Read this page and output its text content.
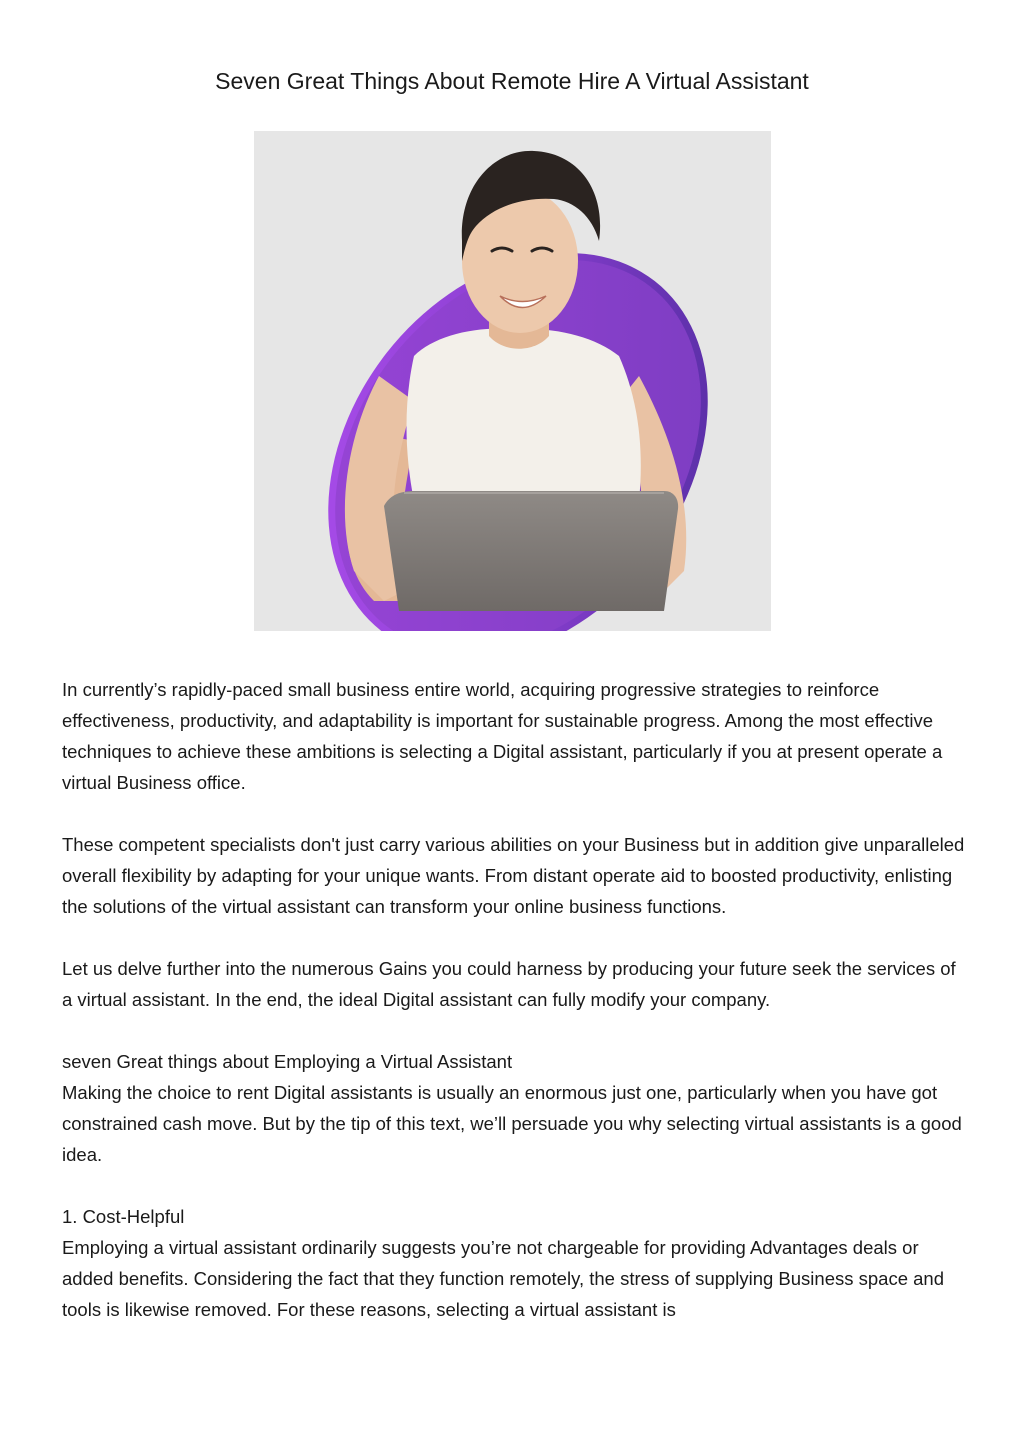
Seven Great Things About Remote Hire A Virtual Assistant

In currently’s rapidly-paced small business entire world, acquiring progressive strategies to reinforce effectiveness, productivity, and adaptability is important for sustainable progress. Among the most effective techniques to achieve these ambitions is selecting a Digital assistant, particularly if you at present operate a virtual Business office.

These competent specialists don't just carry various abilities on your Business but in addition give unparalleled overall flexibility by adapting for your unique wants. From distant operate aid to boosted productivity, enlisting the solutions of the virtual assistant can transform your online business functions.

Let us delve further into the numerous Gains you could harness by producing your future seek the services of a virtual assistant. In the end, the ideal Digital assistant can fully modify your company.

seven Great things about Employing a Virtual Assistant
Making the choice to rent Digital assistants is usually an enormous just one, particularly when you have got constrained cash move. But by the tip of this text, we’ll persuade you why selecting virtual assistants is a good idea.

1. Cost-Helpful
Employing a virtual assistant ordinarily suggests you’re not chargeable for providing Advantages deals or added benefits. Considering the fact that they function remotely, the stress of supplying Business space and tools is likewise removed. For these reasons, selecting a virtual assistant is
